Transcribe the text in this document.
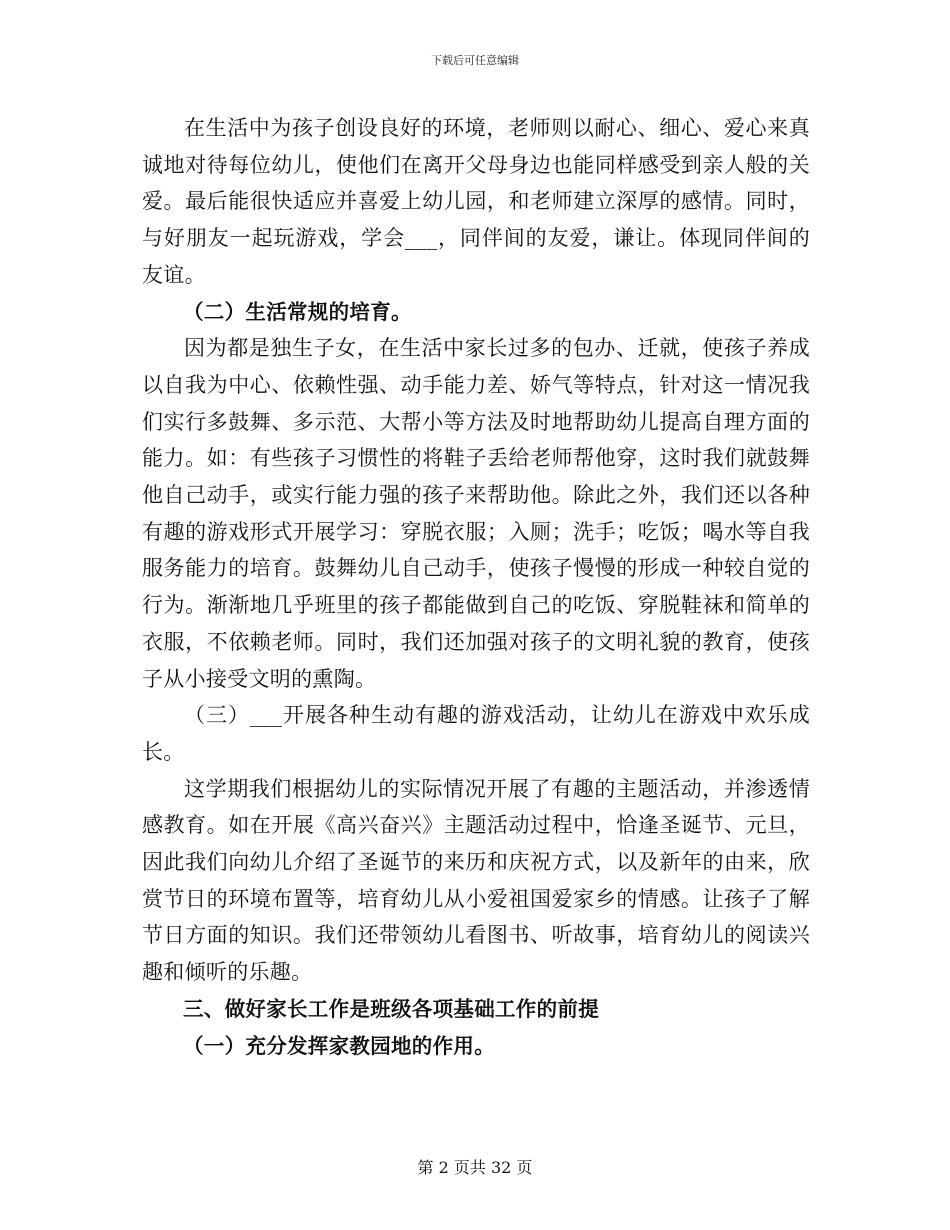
下载后可任意编辑

在生活中为孩子创设良好的环境，老师则以耐心、细心、爱心来真诚地对待每位幼儿，使他们在离开父母身边也能同样感受到亲人般的关爱。最后能很快适应并喜爱上幼儿园，和老师建立深厚的感情。同时，与好朋友一起玩游戏，学会___，同伴间的友爱，谦让。体现同伴间的友谊。

（二）生活常规的培育。

因为都是独生子女，在生活中家长过多的包办、迁就，使孩子养成以自我为中心、依赖性强、动手能力差、娇气等特点，针对这一情况我们实行多鼓舞、多示范、大帮小等方法及时地帮助幼儿提高自理方面的能力。如：有些孩子习惯性的将鞋子丢给老师帮他穿，这时我们就鼓舞他自己动手，或实行能力强的孩子来帮助他。除此之外，我们还以各种有趣的游戏形式开展学习：穿脱衣服；入厕；洗手；吃饭；喝水等自我服务能力的培育。鼓舞幼儿自己动手，使孩子慢慢的形成一种较自觉的行为。渐渐地几乎班里的孩子都能做到自己的吃饭、穿脱鞋袜和简单的衣服，不依赖老师。同时，我们还加强对孩子的文明礼貌的教育，使孩子从小接受文明的熏陶。

（三）___开展各种生动有趣的游戏活动，让幼儿在游戏中欢乐成长。

这学期我们根据幼儿的实际情况开展了有趣的主题活动，并渗透情感教育。如在开展《高兴奋兴》主题活动过程中，恰逢圣诞节、元旦，因此我们向幼儿介绍了圣诞节的来历和庆祝方式，以及新年的由来，欣赏节日的环境布置等，培育幼儿从小爱祖国爱家乡的情感。让孩子了解节日方面的知识。我们还带领幼儿看图书、听故事，培育幼儿的阅读兴趣和倾听的乐趣。

三、做好家长工作是班级各项基础工作的前提

（一）充分发挥家教园地的作用。

第 2 页共 32 页
